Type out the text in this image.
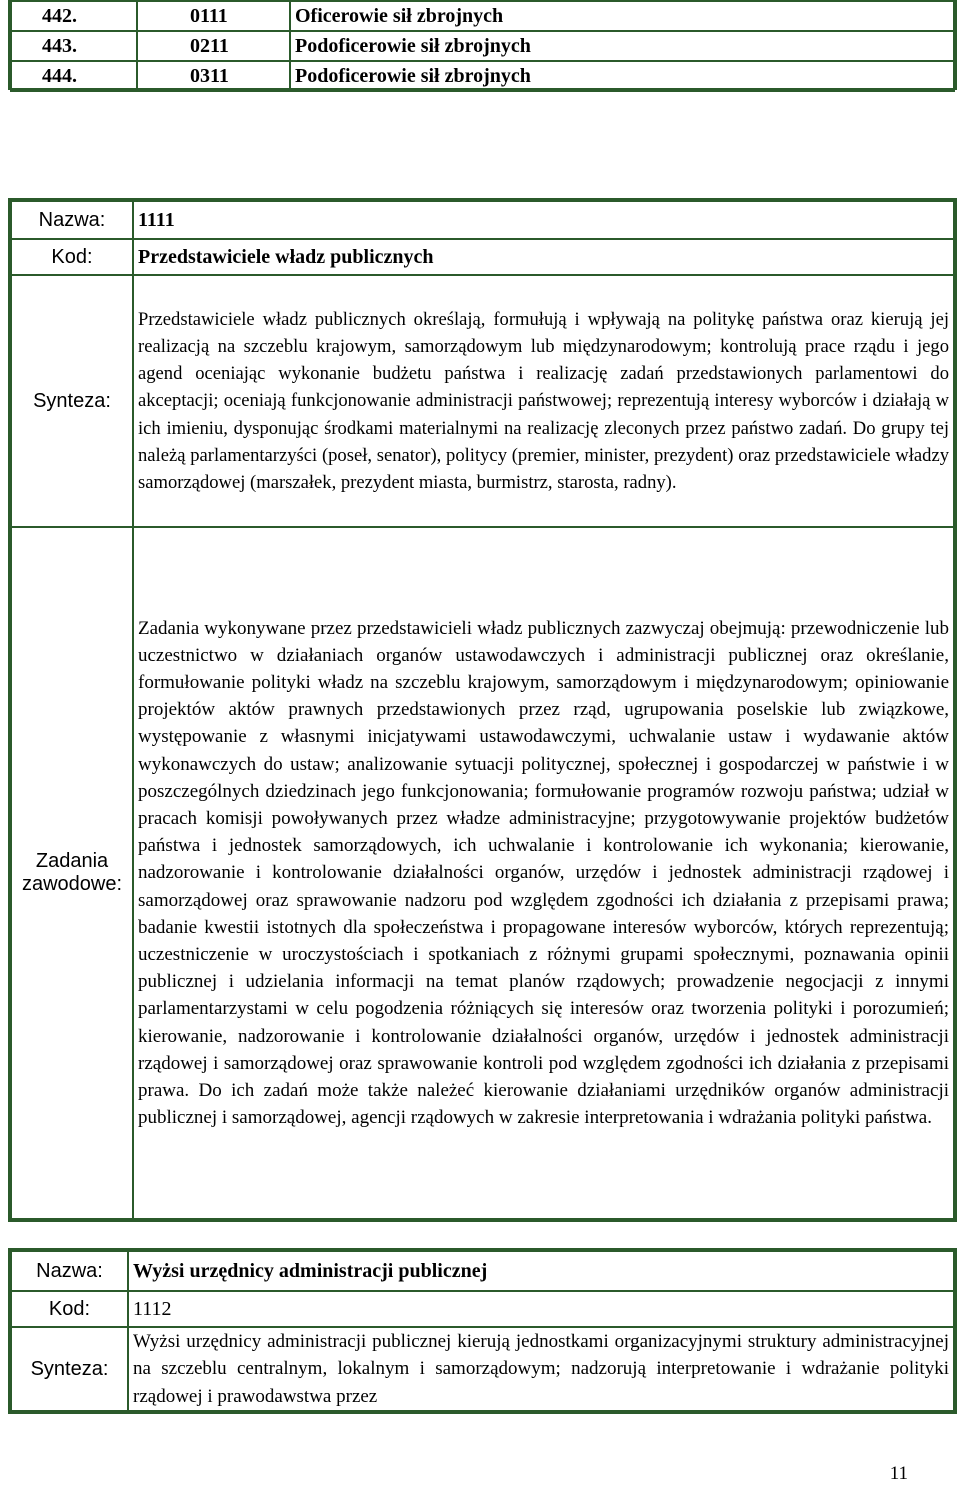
442.	0111	Oficerowie sił zbrojnych
443.	0211	Podoficerowie sił zbrojnych
444.	0311	Podoficerowie sił zbrojnych
Nazwa:	1111
Kod:	Przedstawiciele władz publicznych
Synteza:	Przedstawiciele władz publicznych określają, formułują i wpływają na politykę państwa oraz kierują jej realizacją na szczeblu krajowym, samorządowym lub międzynarodowym; kontrolują prace rządu i jego agend oceniając wykonanie budżetu państwa i realizację zadań przedstawionych parlamentowi do akceptacji; oceniają funkcjonowanie administracji państwowej; reprezentują interesy wyborców i działają w ich imieniu, dysponując środkami materialnymi na realizację zleconych przez państwo zadań. Do grupy tej należą parlamentarzyści (poseł, senator), politycy (premier, minister, prezydent) oraz przedstawiciele władzy samorządowej (marszałek, prezydent miasta, burmistrz, starosta, radny).
Zadania
zawodowe:	Zadania wykonywane przez przedstawicieli władz publicznych zazwyczaj obejmują: przewodniczenie lub uczestnictwo w działaniach organów ustawodawczych i administracji publicznej oraz określanie, formułowanie polityki władz na szczeblu krajowym, samorządowym i międzynarodowym; opiniowanie projektów aktów prawnych przedstawionych przez rząd, ugrupowania poselskie lub związkowe, występowanie z własnymi inicjatywami ustawodawczymi, uchwalanie ustaw i wydawanie aktów wykonawczych do ustaw; analizowanie sytuacji politycznej, społecznej i gospodarczej w państwie i w poszczególnych dziedzinach jego funkcjonowania; formułowanie programów rozwoju państwa; udział w pracach komisji powoływanych przez władze administracyjne; przygotowywanie projektów budżetów państwa i jednostek samorządowych, ich uchwalanie i kontrolowanie ich wykonania; kierowanie, nadzorowanie i kontrolowanie działalności organów, urzędów i jednostek administracji rządowej i samorządowej oraz sprawowanie nadzoru pod względem zgodności ich działania z przepisami prawa; badanie kwestii istotnych dla społeczeństwa i propagowane interesów wyborców, których reprezentują; uczestniczenie w uroczystościach i spotkaniach z różnymi grupami społecznymi, poznawania opinii publicznej i udzielania informacji na temat planów rządowych; prowadzenie negocjacji z innymi parlamentarzystami w celu pogodzenia różniących się interesów oraz tworzenia polityki i porozumień; kierowanie, nadzorowanie i kontrolowanie działalności organów, urzędów i jednostek administracji rządowej i samorządowej oraz sprawowanie kontroli pod względem zgodności ich działania z przepisami prawa. Do ich zadań może także należeć kierowanie działaniami urzędników organów administracji publicznej i samorządowej, agencji rządowych w zakresie interpretowania i wdrażania polityki państwa.
Nazwa:	Wyżsi urzędnicy administracji publicznej
Kod:	1112
Synteza:	Wyżsi urzędnicy administracji publicznej kierują jednostkami organizacyjnymi struktury administracyjnej na szczeblu centralnym, lokalnym i samorządowym; nadzorują interpretowanie i wdrażanie polityki rządowej i prawodawstwa przez
11
